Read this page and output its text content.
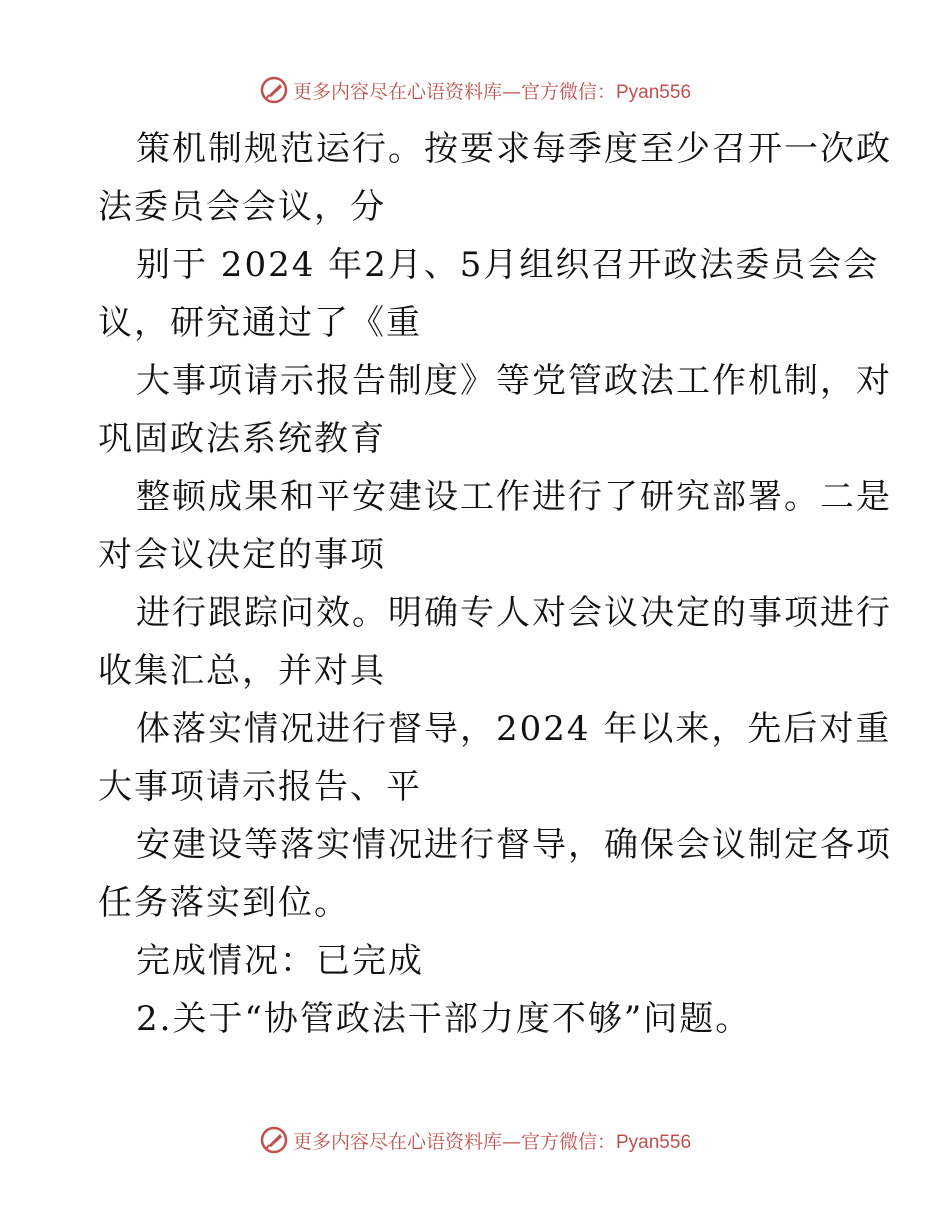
更多内容尽在心语资料库—官方微信：Pyan556
策机制规范运行。按要求每季度至少召开一次政
法委员会会议，分
别于 2024 年2月、5月组织召开政法委员会会
议，研究通过了《重
大事项请示报告制度》等党管政法工作机制，对
巩固政法系统教育
整顿成果和平安建设工作进行了研究部署。二是
对会议决定的事项
进行跟踪问效。明确专人对会议决定的事项进行
收集汇总，并对具
体落实情况进行督导，2024 年以来，先后对重
大事项请示报告、平
安建设等落实情况进行督导，确保会议制定各项
任务落实到位。
完成情况：已完成
2.关于“协管政法干部力度不够”问题。
更多内容尽在心语资料库—官方微信：Pyan556
